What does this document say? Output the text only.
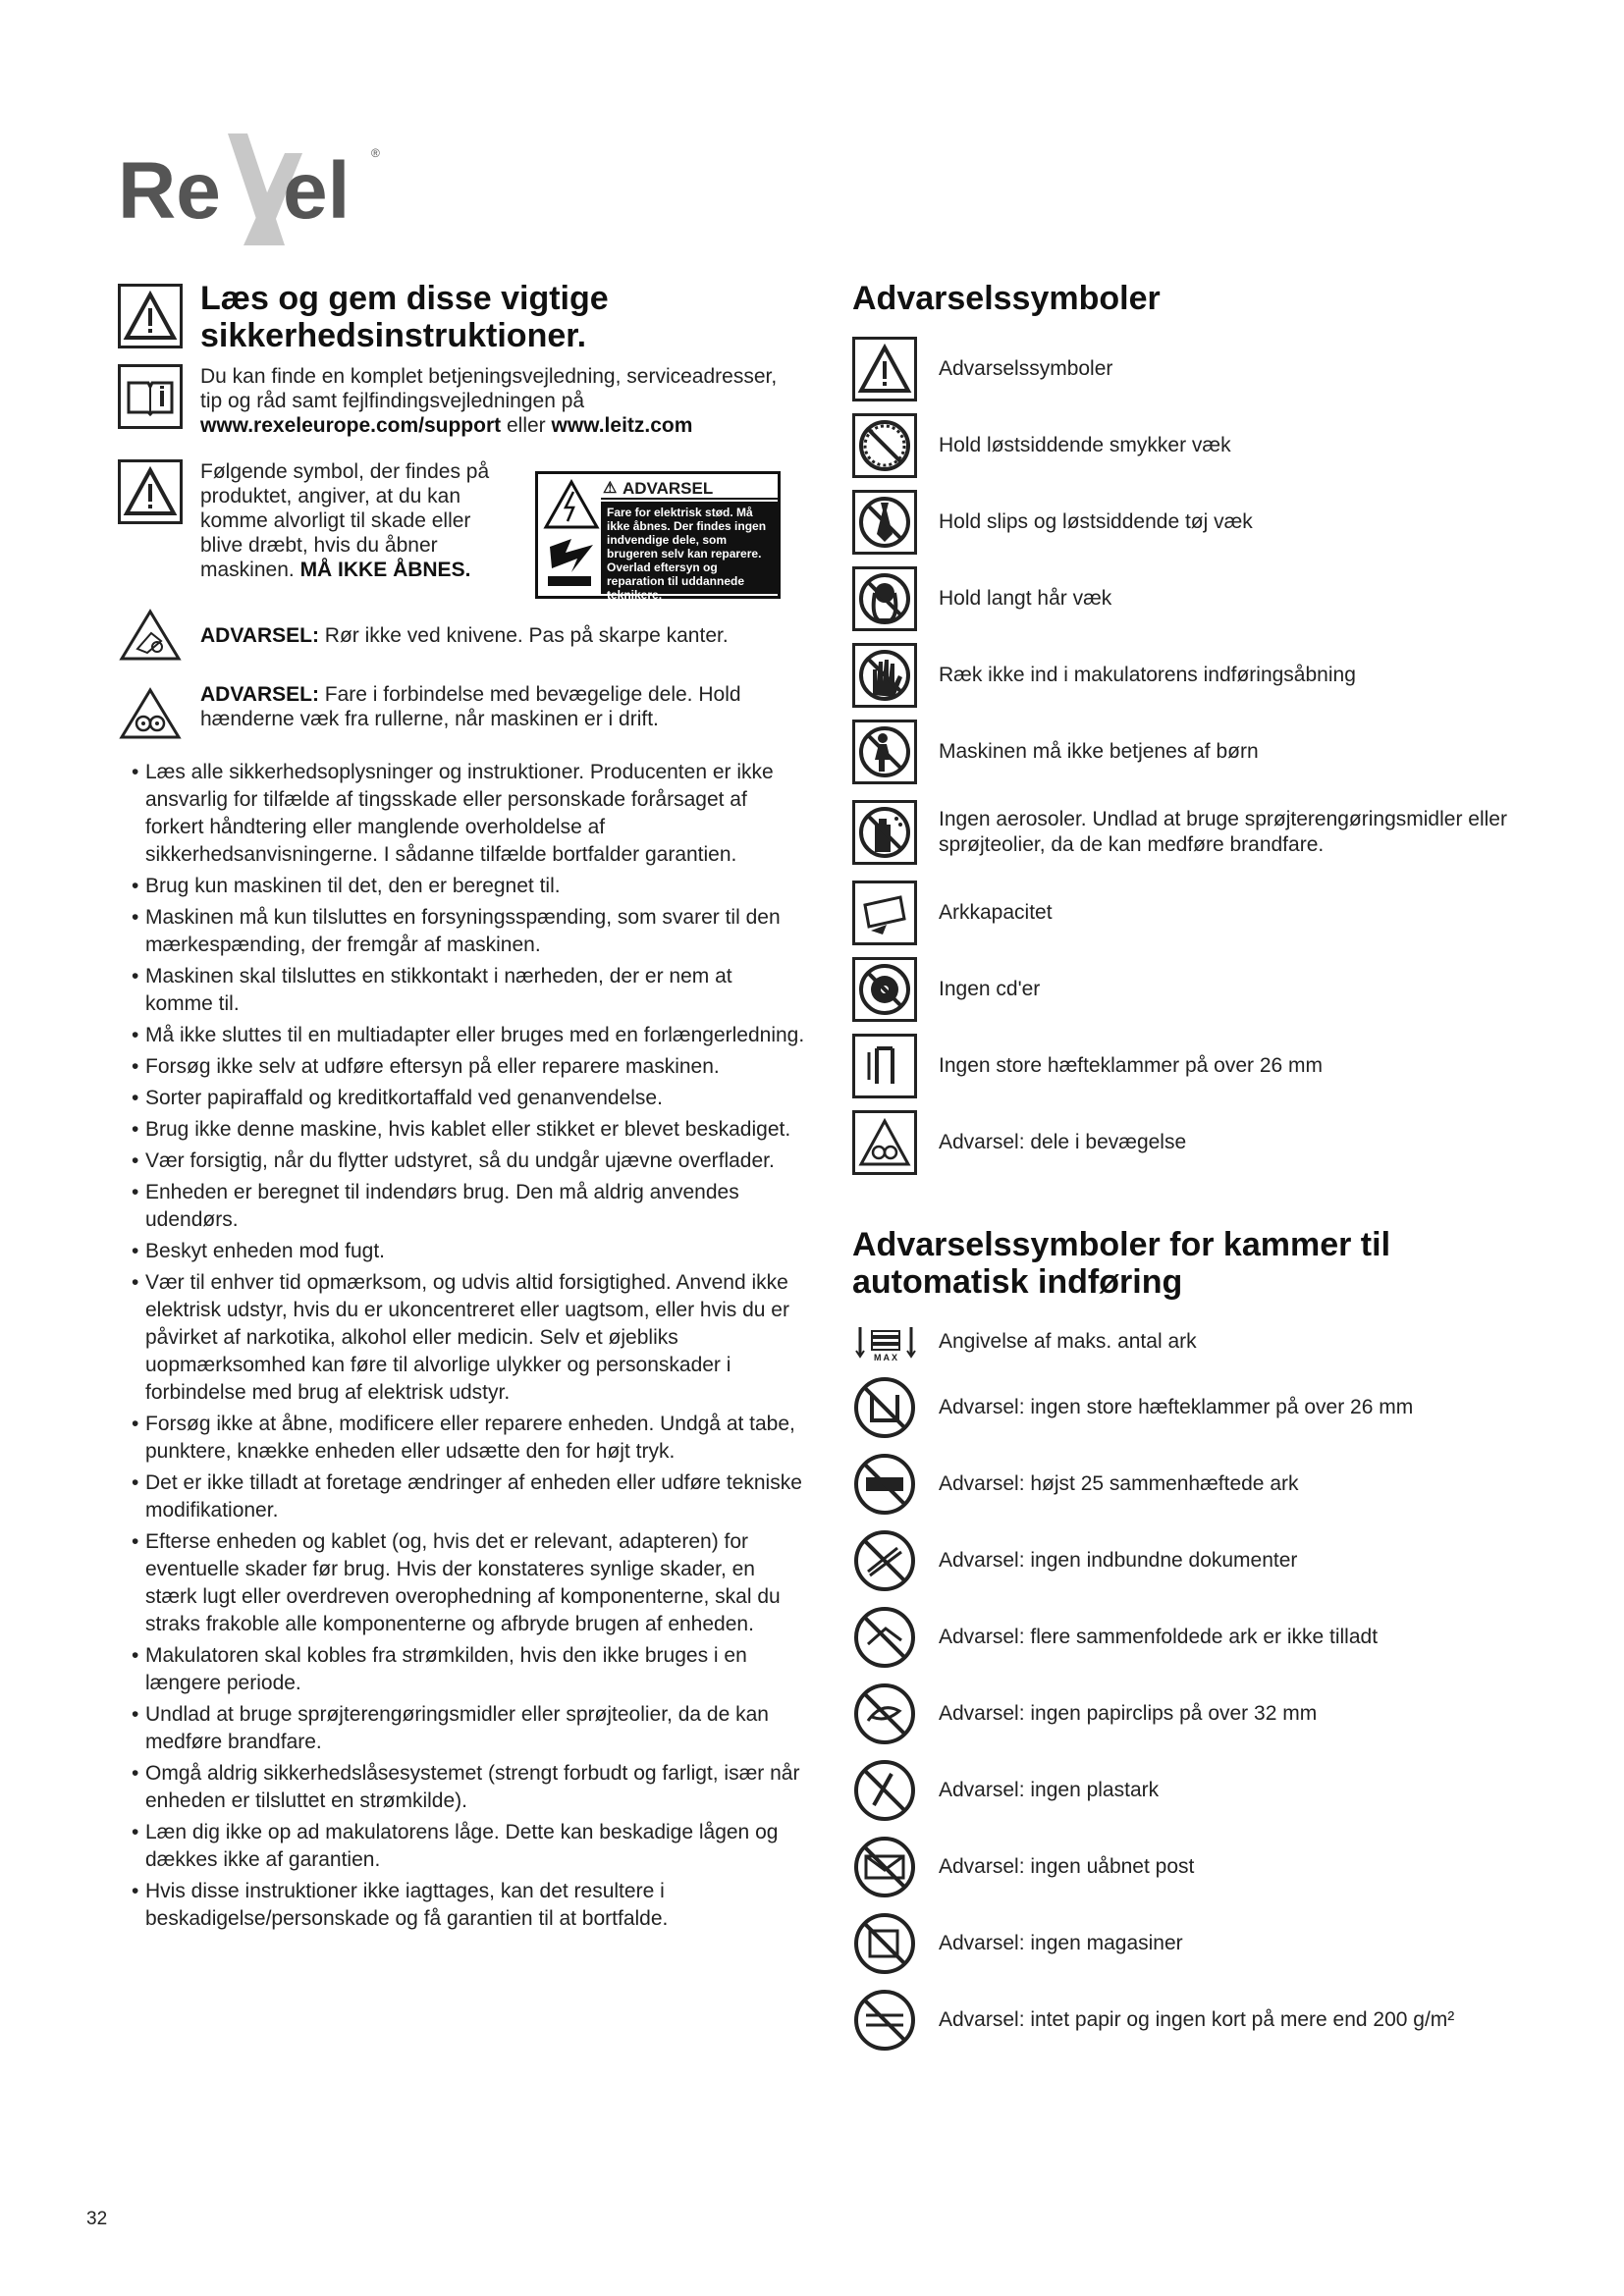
Re el ®
Læs og gem disse vigtige sikkerhedsinstruktioner.
Du kan finde en komplet betjeningsvejledning, serviceadresser, tip og råd samt fejlfindingsvejledningen på www.rexeleurope.com/support eller www.leitz.com
Følgende symbol, der findes på produktet, angiver, at du kan komme alvorligt til skade eller blive dræbt, hvis du åbner maskinen. MÅ IKKE ÅBNES.
ADVARSEL: Rør ikke ved knivene. Pas på skarpe kanter.
ADVARSEL: Fare i forbindelse med bevægelige dele. Hold hænderne væk fra rullerne, når maskinen er i drift.
• Læs alle sikkerhedsoplysninger og instruktioner. Producenten er ikke ansvarlig for tilfælde af tingsskade eller personskade forårsaget af forkert håndtering eller manglende overholdelse af sikkerhedsanvisningerne. I sådanne tilfælde bortfalder garantien.
• Brug kun maskinen til det, den er beregnet til.
• Maskinen må kun tilsluttes en forsyningsspænding, som svarer til den mærkespænding, der fremgår af maskinen.
• Maskinen skal tilsluttes en stikkontakt i nærheden, der er nem at komme til.
• Må ikke sluttes til en multiadapter eller bruges med en forlængerledning.
• Forsøg ikke selv at udføre eftersyn på eller reparere maskinen.
• Sorter papiraffald og kreditkortaffald ved genanvendelse.
• Brug ikke denne maskine, hvis kablet eller stikket er blevet beskadiget.
• Vær forsigtig, når du flytter udstyret, så du undgår ujævne overflader.
• Enheden er beregnet til indendørs brug. Den må aldrig anvendes udendørs.
• Beskyt enheden mod fugt.
• Vær til enhver tid opmærksom, og udvis altid forsigtighed. Anvend ikke elektrisk udstyr, hvis du er ukoncentreret eller uagtsom, eller hvis du er påvirket af narkotika, alkohol eller medicin. Selv et øjebliks uopmærksomhed kan føre til alvorlige ulykker og personskader i forbindelse med brug af elektrisk udstyr.
• Forsøg ikke at åbne, modificere eller reparere enheden. Undgå at tabe, punktere, knække enheden eller udsætte den for højt tryk.
• Det er ikke tilladt at foretage ændringer af enheden eller udføre tekniske modifikationer.
• Efterse enheden og kablet (og, hvis det er relevant, adapteren) for eventuelle skader før brug. Hvis der konstateres synlige skader, en stærk lugt eller overdreven overophedning af komponenterne, skal du straks frakoble alle komponenterne og afbryde brugen af enheden.
• Makulatoren skal kobles fra strømkilden, hvis den ikke bruges i en længere periode.
• Undlad at bruge sprøjterengøringsmidler eller sprøjteolier, da de kan medføre brandfare.
• Omgå aldrig sikkerhedslåsesystemet (strengt forbudt og farligt, især når enheden er tilsluttet en strømkilde).
• Læn dig ikke op ad makulatorens låge. Dette kan beskadige lågen og dækkes ikke af garantien.
• Hvis disse instruktioner ikke iagttages, kan det resultere i beskadigelse/personskade og få garantien til at bortfalde.
⚠ ADVARSEL
Fare for elektrisk stød. Må ikke åbnes. Der findes ingen indvendige dele, som brugeren selv kan reparere. Overlad eftersyn og reparation til uddannede teknikere.
Advarselssymboler
Advarselssymboler
Hold løstsiddende smykker væk
Hold slips og løstsiddende tøj væk
Hold langt hår væk
Ræk ikke ind i makulatorens indføringsåbning
Maskinen må ikke betjenes af børn
Ingen aerosoler. Undlad at bruge sprøjterengøringsmidler eller sprøjteolier, da de kan medføre brandfare.
Arkkapacitet
Ingen cd'er
Ingen store hæfteklammer på over 26 mm
Advarsel: dele i bevægelse
Advarselssymboler for kammer til automatisk indføring
MAX
Angivelse af maks. antal ark
Advarsel: ingen store hæfteklammer på over 26 mm
Advarsel: højst 25 sammenhæftede ark
Advarsel: ingen indbundne dokumenter
Advarsel: flere sammenfoldede ark er ikke tilladt
Advarsel: ingen papirclips på over 32 mm
Advarsel: ingen plastark
Advarsel: ingen uåbnet post
Advarsel: ingen magasiner
Advarsel: intet papir og ingen kort på mere end 200 g/m²
32
